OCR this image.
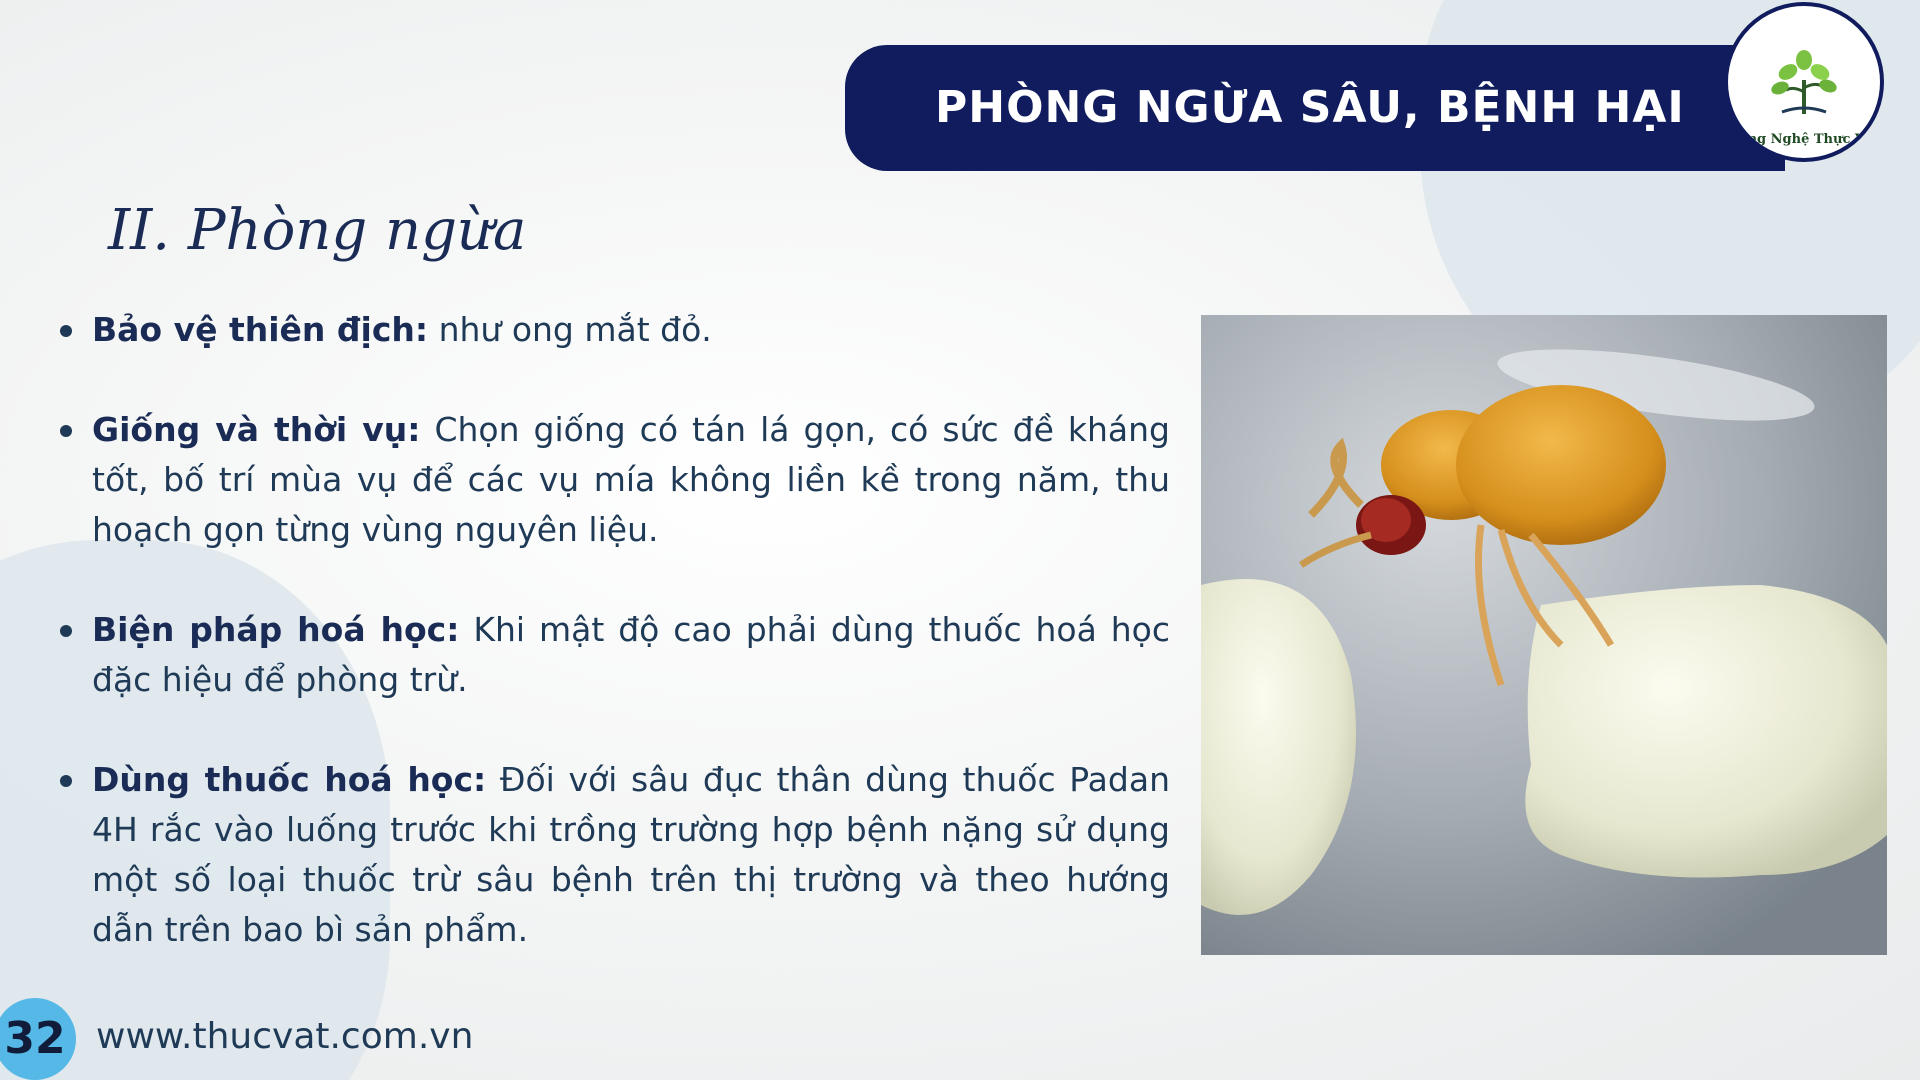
PHÒNG NGỪA SÂU, BỆNH HẠI
Công Nghệ Thực Vật
II. Phòng ngừa
Bảo vệ thiên địch: như ong mắt đỏ.
Giống và thời vụ: Chọn giống có tán lá gọn, có sức đề kháng tốt, bố trí mùa vụ để các vụ mía không liền kề trong năm, thu hoạch gọn từng vùng nguyên liệu.
Biện pháp hoá học: Khi mật độ cao phải dùng thuốc hoá học đặc hiệu để phòng trừ.
Dùng thuốc hoá học: Đối với sâu đục thân dùng thuốc Padan 4H rắc vào luống trước khi trồng trường hợp bệnh nặng sử dụng một số loại thuốc trừ sâu bệnh trên thị trường và theo hướng dẫn trên bao bì sản phẩm.
32 www.thucvat.com.vn
